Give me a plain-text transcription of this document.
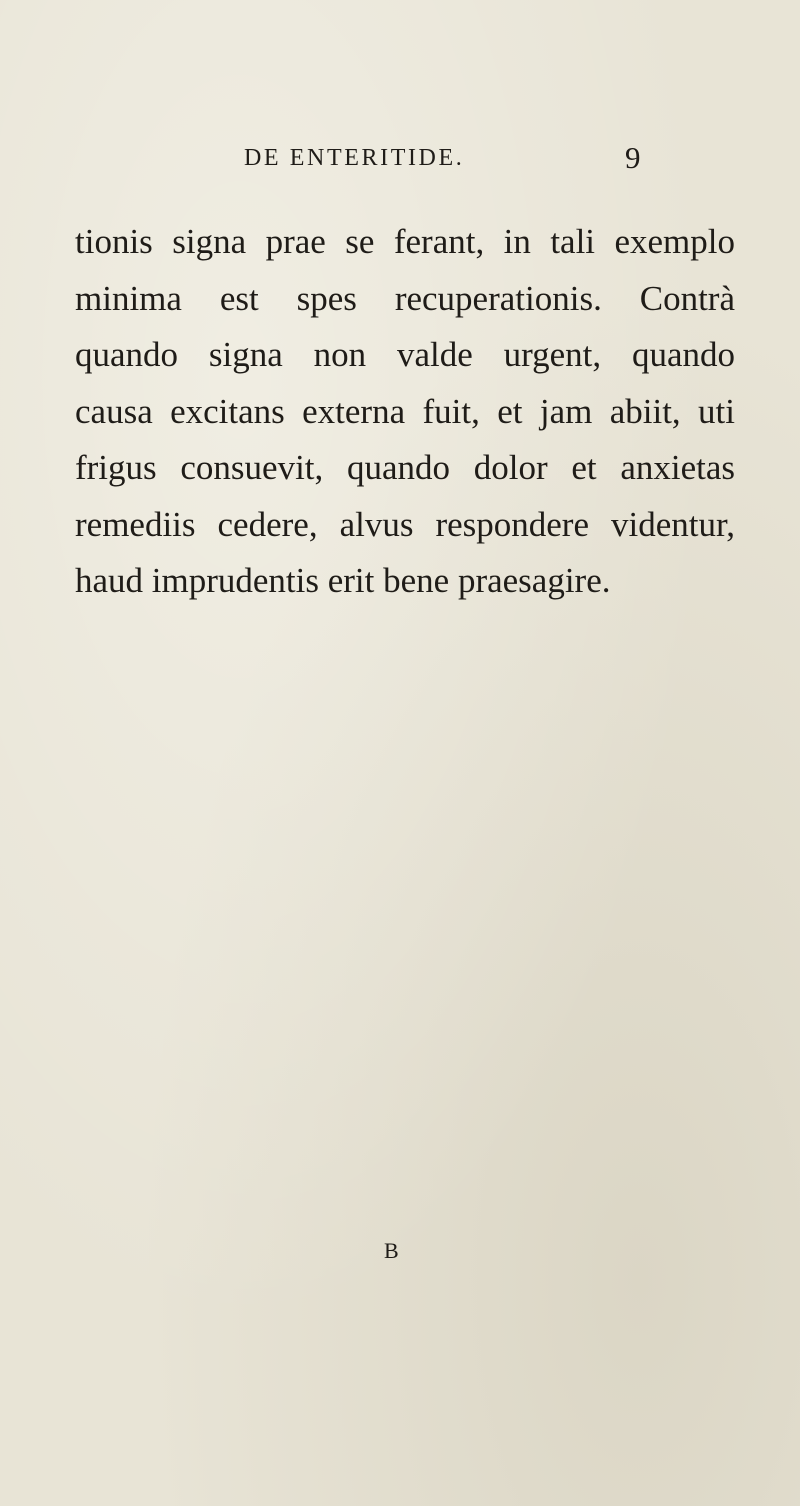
DE ENTERITIDE.	9
tionis signa prae se ferant, in tali exemplo
minima est spes recuperationis. Contrà
quando signa non valde urgent, quando
causa excitans externa fuit, et jam abiit, uti
frigus consuevit, quando dolor et anxietas
remediis cedere, alvus respondere videntur,
haud imprudentis erit bene praesagire.
B
